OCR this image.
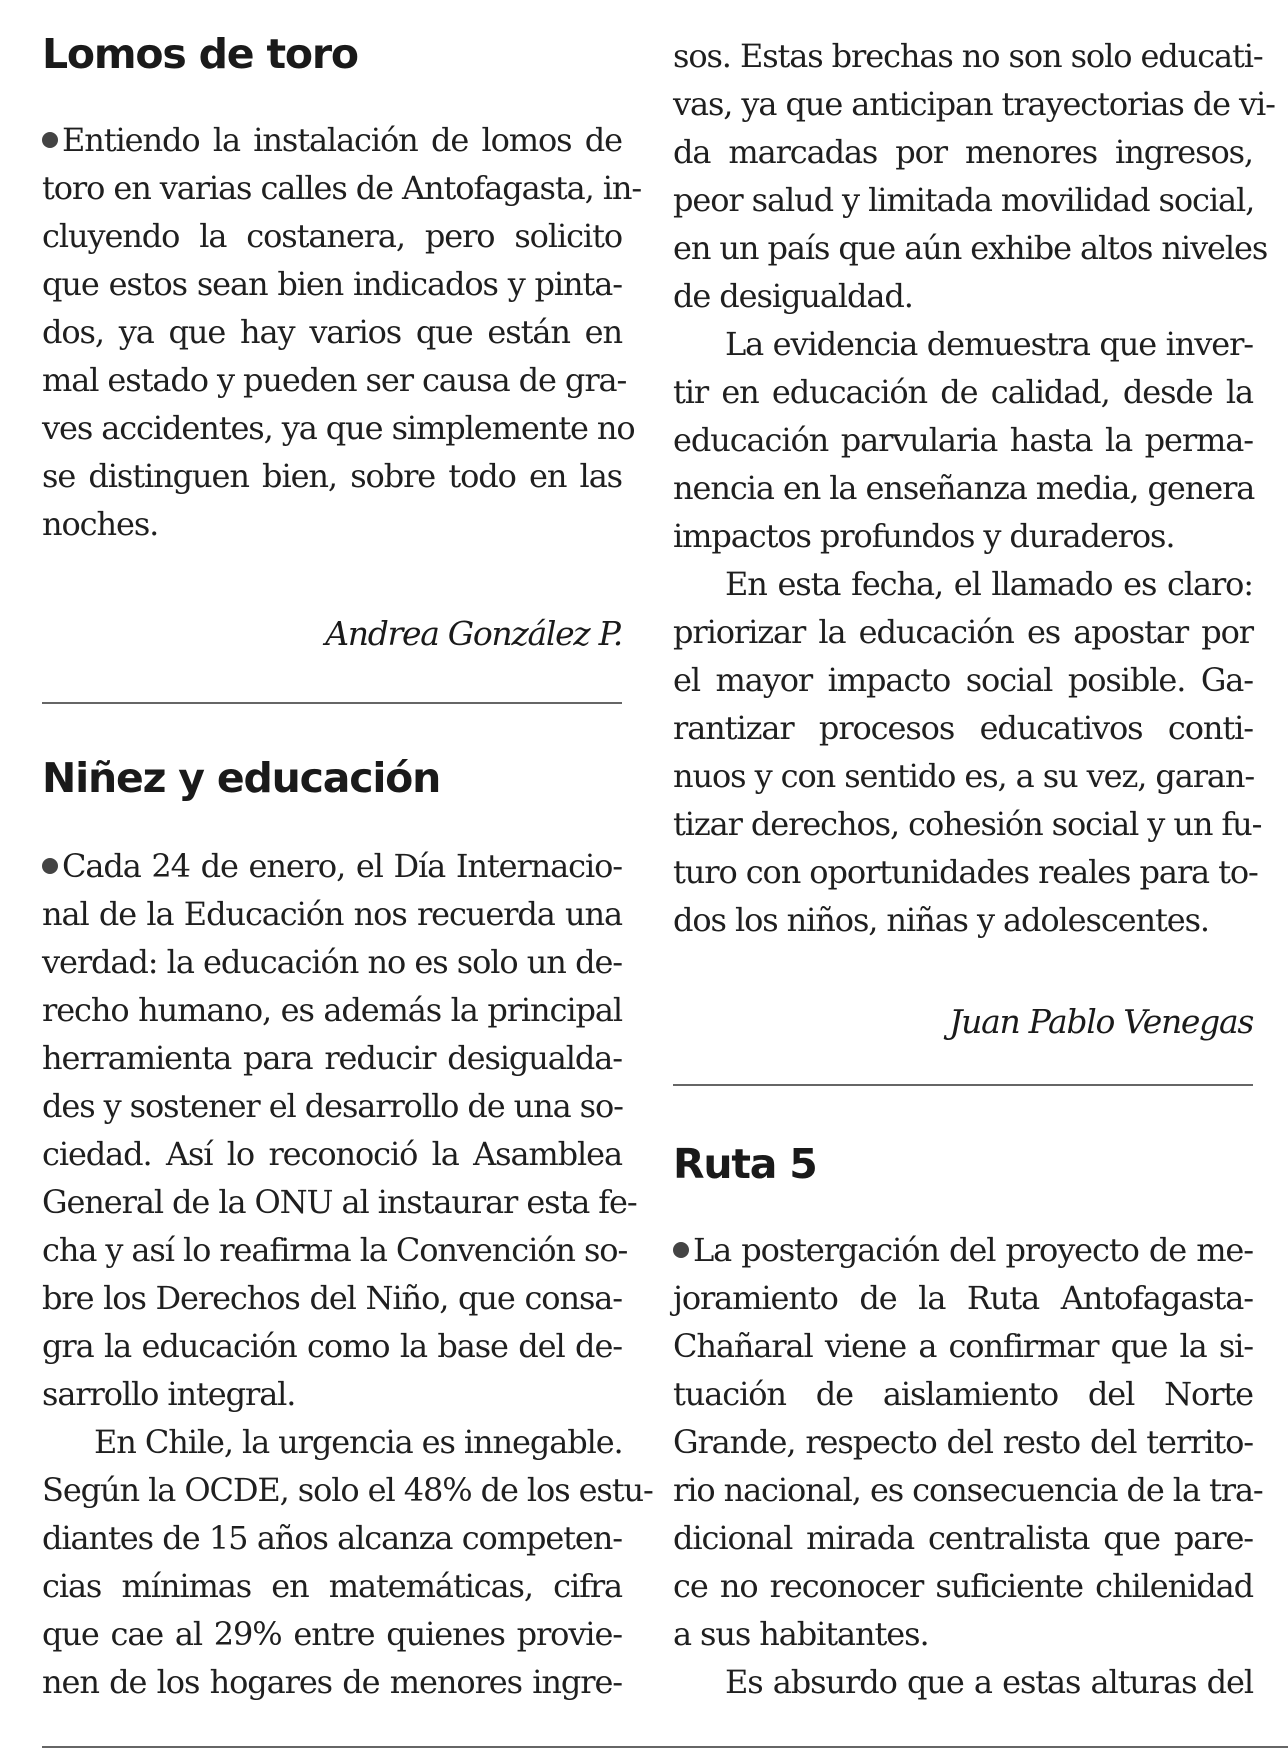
Lomos de toro
Entiendo la instalación de lomos de
toro en varias calles de Antofagasta, in-
cluyendo la costanera, pero solicito
que estos sean bien indicados y pinta-
dos, ya que hay varios que están en
mal estado y pueden ser causa de gra-
ves accidentes, ya que simplemente no
se distinguen bien, sobre todo en las
noches.
Andrea González P.
Niñez y educación
Cada 24 de enero, el Día Internacio-
nal de la Educación nos recuerda una
verdad: la educación no es solo un de-
recho humano, es además la principal
herramienta para reducir desigualda-
des y sostener el desarrollo de una so-
ciedad. Así lo reconoció la Asamblea
General de la ONU al instaurar esta fe-
cha y así lo reafirma la Convención so-
bre los Derechos del Niño, que consa-
gra la educación como la base del de-
sarrollo integral.
En Chile, la urgencia es innegable.
Según la OCDE, solo el 48% de los estu-
diantes de 15 años alcanza competen-
cias mínimas en matemáticas, cifra
que cae al 29% entre quienes provie-
nen de los hogares de menores ingre-
sos. Estas brechas no son solo educati-
vas, ya que anticipan trayectorias de vi-
da marcadas por menores ingresos,
peor salud y limitada movilidad social,
en un país que aún exhibe altos niveles
de desigualdad.
La evidencia demuestra que inver-
tir en educación de calidad, desde la
educación parvularia hasta la perma-
nencia en la enseñanza media, genera
impactos profundos y duraderos.
En esta fecha, el llamado es claro:
priorizar la educación es apostar por
el mayor impacto social posible. Ga-
rantizar procesos educativos conti-
nuos y con sentido es, a su vez, garan-
tizar derechos, cohesión social y un fu-
turo con oportunidades reales para to-
dos los niños, niñas y adolescentes.
Juan Pablo Venegas
Ruta 5
La postergación del proyecto de me-
joramiento de la Ruta Antofagasta-
Chañaral viene a confirmar que la si-
tuación de aislamiento del Norte
Grande, respecto del resto del territo-
rio nacional, es consecuencia de la tra-
dicional mirada centralista que pare-
ce no reconocer suficiente chilenidad
a sus habitantes.
Es absurdo que a estas alturas del
